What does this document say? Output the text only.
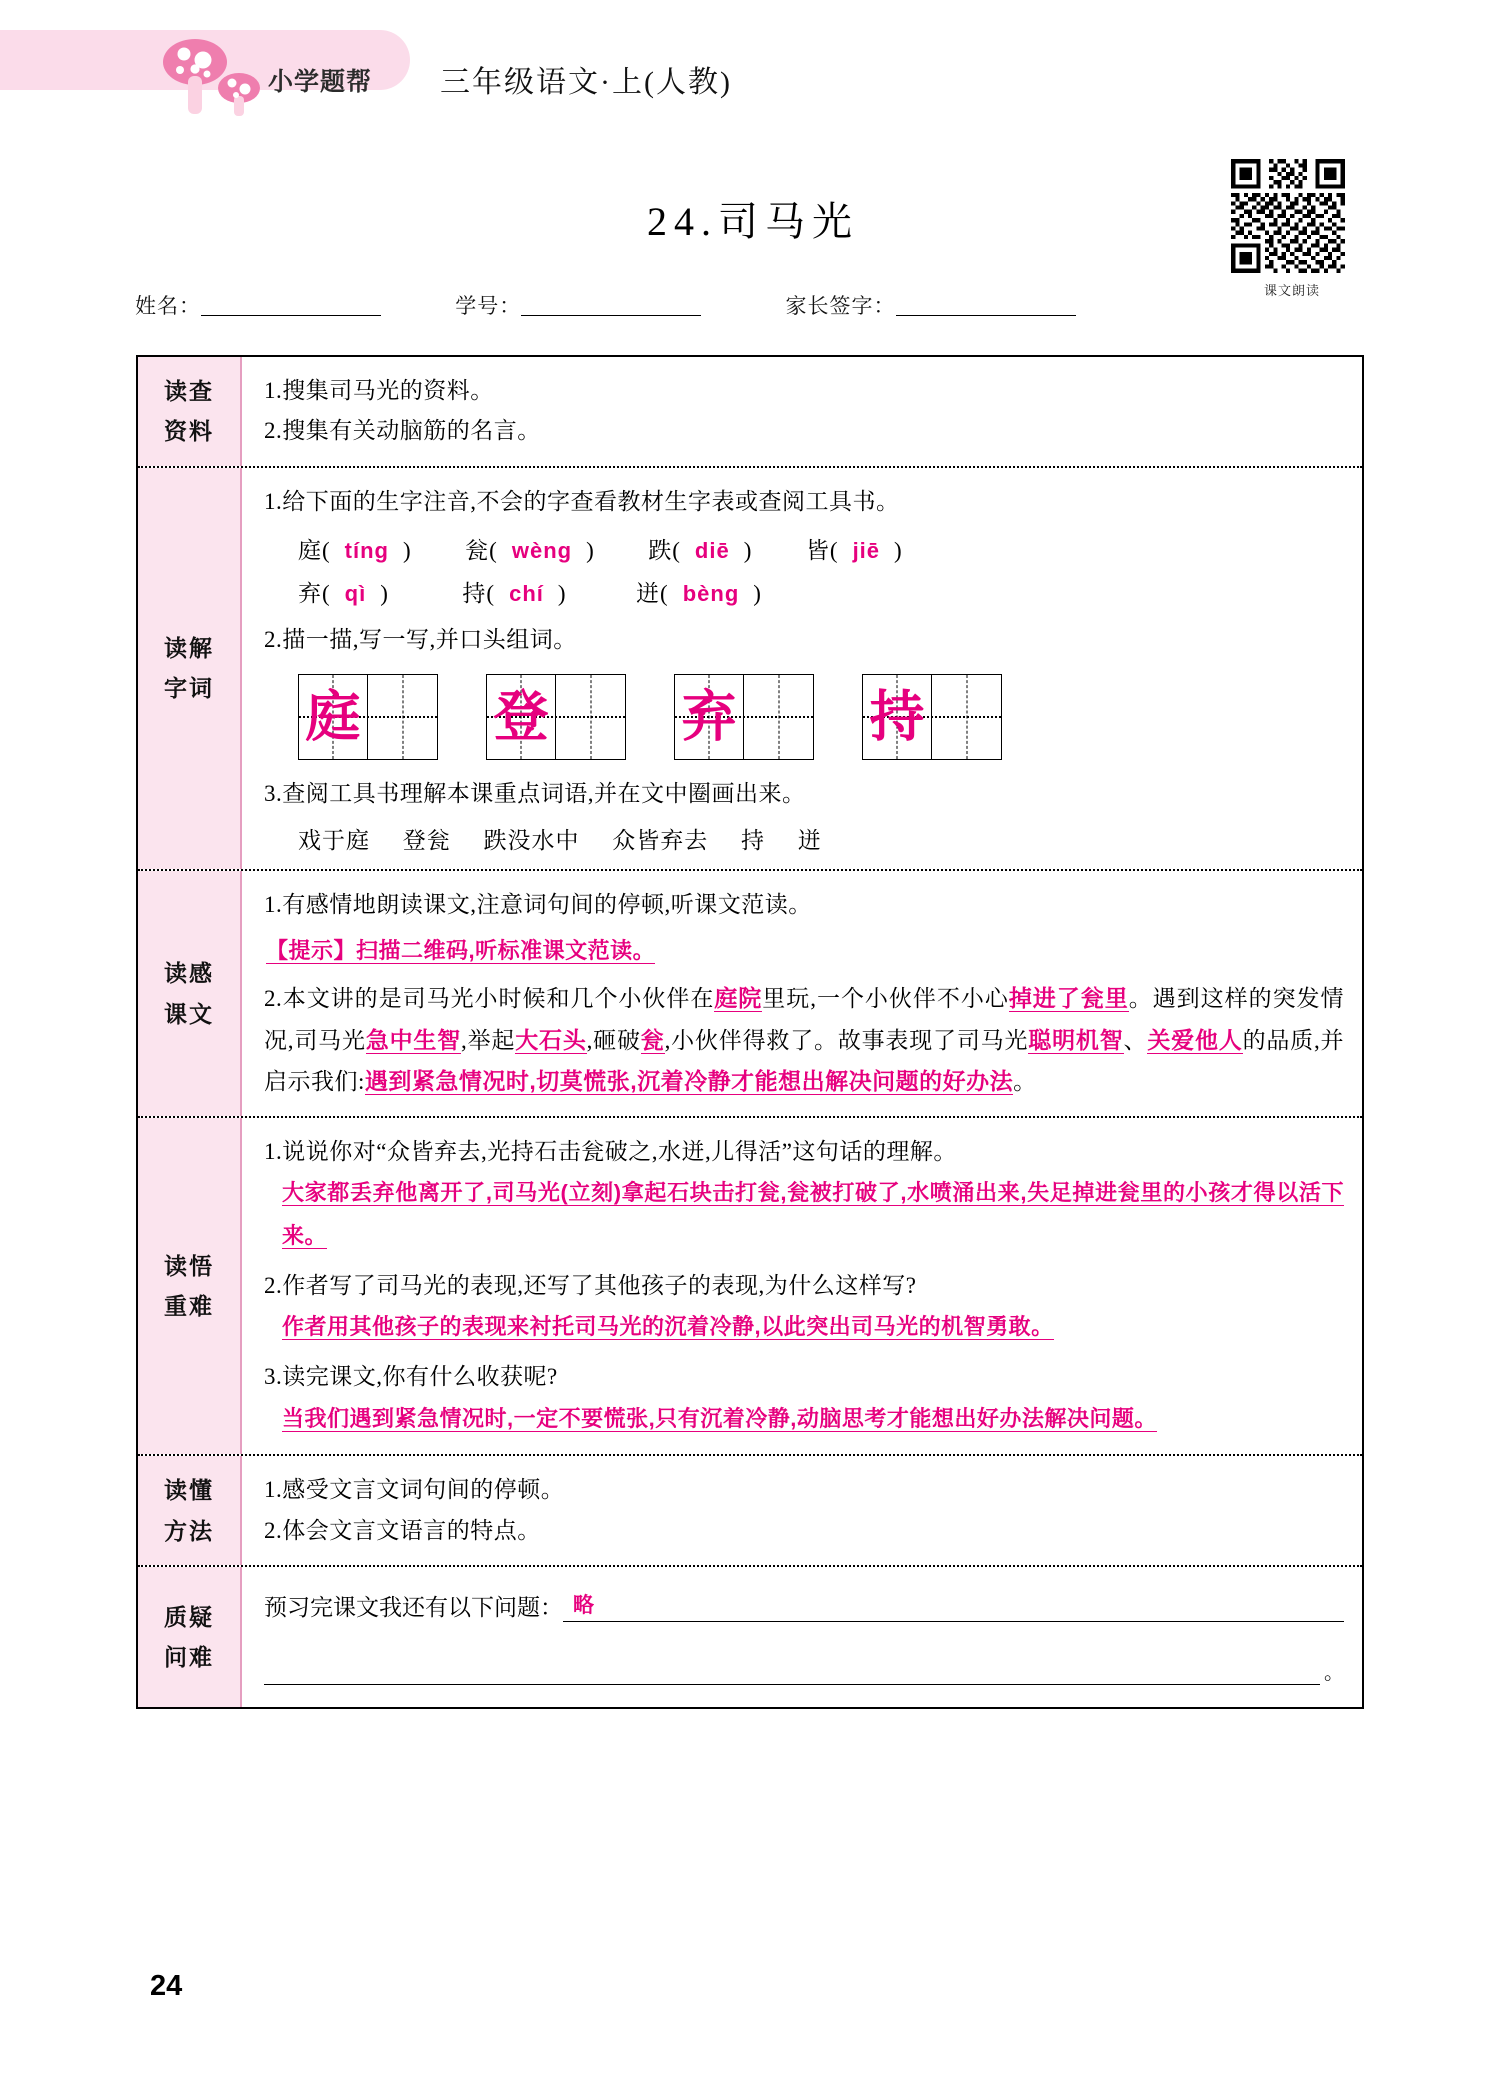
小学题帮 三年级语文·上(人教)
课文朗读
24.司马光
姓名：	学号：	家长签字：
读查
资料
1.搜集司马光的资料。
2.搜集有关动脑筋的名言。
读解
字词
1.给下面的生字注音,不会的字查看教材生字表或查阅工具书。
庭( tíng ) 瓮( wèng ) 跌( diē ) 皆( jiē )
弃( qì )	持( chí )	迸( bèng )
2.描一描,写一写,并口头组词。
庭 登 弃 持
3.查阅工具书理解本课重点词语,并在文中圈画出来。
戏于庭 登瓮 跌没水中 众皆弃去 持 迸
读感
课文
1.有感情地朗读课文,注意词句间的停顿,听课文范读。
【提示】扫描二维码,听标准课文范读。
2.本文讲的是司马光小时候和几个小伙伴在庭院里玩,一个小伙伴不小心掉进了瓮里。遇到这样的突发情况,司马光急中生智,举起大石头,砸破瓮,小伙伴得救了。故事表现了司马光聪明机智、关爱他人的品质,并启示我们:遇到紧急情况时,切莫慌张,沉着冷静才能想出解决问题的好办法。
读悟
重难
1.说说你对“众皆弃去,光持石击瓮破之,水迸,儿得活”这句话的理解。
大家都丢弃他离开了,司马光(立刻)拿起石块击打瓮,瓮被打破了,水喷涌出来,失足掉进瓮里的小孩才得以活下来。
2.作者写了司马光的表现,还写了其他孩子的表现,为什么这样写?
作者用其他孩子的表现来衬托司马光的沉着冷静,以此突出司马光的机智勇敢。
3.读完课文,你有什么收获呢?
当我们遇到紧急情况时,一定不要慌张,只有沉着冷静,动脑思考才能想出好办法解决问题。
读懂
方法
1.感受文言文词句间的停顿。
2.体会文言文语言的特点。
质疑
问难
预习完课文我还有以下问题： 略
。
24
